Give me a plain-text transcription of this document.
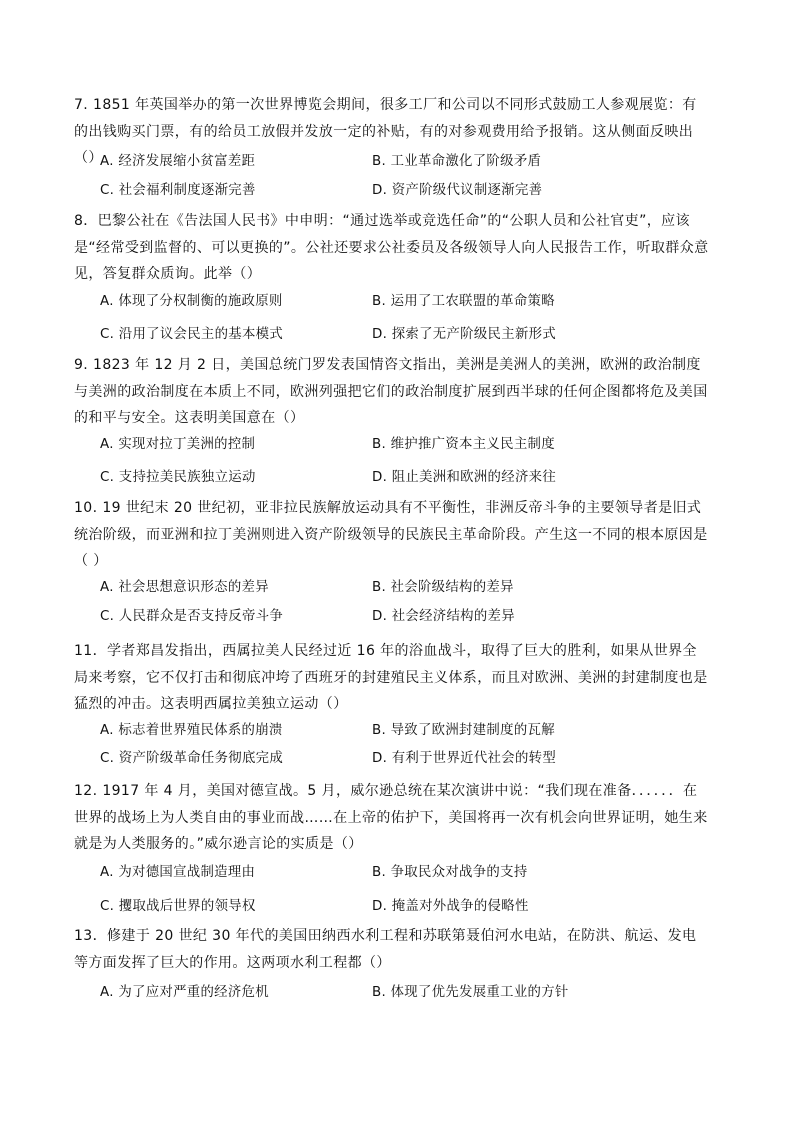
7. 1851 年英国举办的第一次世界博览会期间，很多工厂和公司以不同形式鼓励工人参观展览：有的出钱购买门票，有的给员工放假并发放一定的补贴，有的对参观费用给予报销。这从侧面反映出（）
A. 经济发展缩小贫富差距	B. 工业革命激化了阶级矛盾
C. 社会福利制度逐渐完善	D. 资产阶级代议制逐渐完善
8．巴黎公社在《告法国人民书》中申明：“通过选举或竞选任命”的“公职人员和公社官吏”，应该是“经常受到监督的、可以更换的”。公社还要求公社委员及各级领导人向人民报告工作，听取群众意见，答复群众质询。此举（）
A. 体现了分权制衡的施政原则	B. 运用了工农联盟的革命策略
C. 沿用了议会民主的基本模式	D. 探索了无产阶级民主新形式
9. 1823 年 12 月 2 日，美国总统门罗发表国情咨文指出，美洲是美洲人的美洲，欧洲的政治制度与美洲的政治制度在本质上不同，欧洲列强把它们的政治制度扩展到西半球的任何企图都将危及美国的和平与安全。这表明美国意在（）
A. 实现对拉丁美洲的控制	B. 维护推广资本主义民主制度
C. 支持拉美民族独立运动	D. 阻止美洲和欧洲的经济来往
10. 19 世纪末 20 世纪初，亚非拉民族解放运动具有不平衡性，非洲反帝斗争的主要领导者是旧式统治阶级，而亚洲和拉丁美洲则进入资产阶级领导的民族民主革命阶段。产生这一不同的根本原因是（ ）
A. 社会思想意识形态的差异	B. 社会阶级结构的差异
C. 人民群众是否支持反帝斗争	D. 社会经济结构的差异
11．学者郑昌发指出，西属拉美人民经过近 16 年的浴血战斗，取得了巨大的胜利，如果从世界全局来考察，它不仅打击和彻底冲垮了西班牙的封建殖民主义体系，而且对欧洲、美洲的封建制度也是猛烈的冲击。这表明西属拉美独立运动（）
A. 标志着世界殖民体系的崩溃	B. 导致了欧洲封建制度的瓦解
C. 资产阶级革命任务彻底完成	D. 有利于世界近代社会的转型
12. 1917 年 4 月，美国对德宣战。5 月，威尔逊总统在某次演讲中说：“我们现在准备．．．．．．在世界的战场上为人类自由的事业而战……在上帝的佑护下，美国将再一次有机会向世界证明，她生来就是为人类服务的。”威尔逊言论的实质是（）
A. 为对德国宣战制造理由	B. 争取民众对战争的支持
C. 攫取战后世界的领导权	D. 掩盖对外战争的侵略性
13．修建于 20 世纪 30 年代的美国田纳西水利工程和苏联第聂伯河水电站，在防洪、航运、发电等方面发挥了巨大的作用。这两项水利工程都（）
A. 为了应对严重的经济危机	B. 体现了优先发展重工业的方针
